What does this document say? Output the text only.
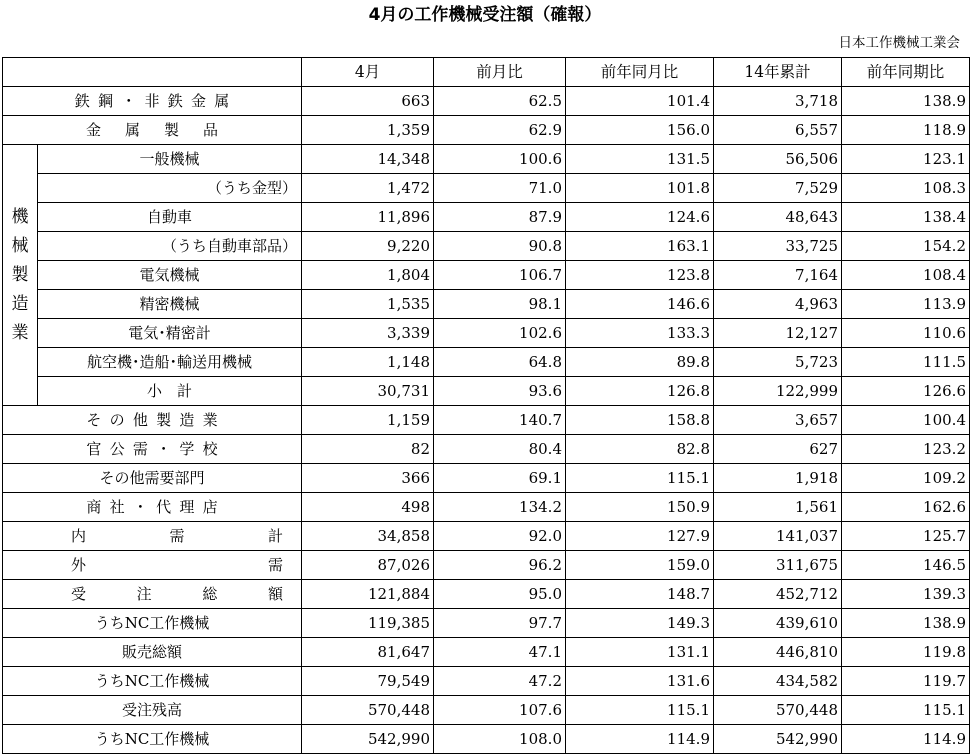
4月の工作機械受注額（確報）
日本工作機械工業会
		4月	前月比	前年同月比	14年累計	前年同期比
鉄鋼・非鉄金属		663	62.5	101.4	3,718	138.9
金属製品		1,359	62.9	156.0	6,557	118.9

機
械
製
造
業	一般機械	14,348	100.6	131.5	56,506	123.1
	（うち金型）	1,472	71.0	101.8	7,529	108.3
	自動車	11,896	87.9	124.6	48,643	138.4
	（うち自動車部品）	9,220	90.8	163.1	33,725	154.2
	電気機械	1,804	106.7	123.8	7,164	108.4
	精密機械	1,535	98.1	146.6	4,963	113.9
	電気･精密計	3,339	102.6	133.3	12,127	110.6
	航空機･造船･輸送用機械	1,148	64.8	89.8	5,723	111.5
	小計	30,731	93.6	126.8	122,999	126.6
その他製造業		1,159	140.7	158.8	3,657	100.4
官公需・学校		82	80.4	82.8	627	123.2
その他需要部門		366	69.1	115.1	1,918	109.2
商社・代理店		498	134.2	150.9	1,561	162.6

内 需 計		34,858	92.0	127.9	141,037	125.7

外 需		87,026	96.2	159.0	311,675	146.5

受 注 総 額		121,884	95.0	148.7	452,712	139.3
うちNC工作機械		119,385	97.7	149.3	439,610	138.9
販売総額		81,647	47.1	131.1	446,810	119.8
うちNC工作機械		79,549	47.2	131.6	434,582	119.7
受注残高		570,448	107.6	115.1	570,448	115.1
うちNC工作機械		542,990	108.0	114.9	542,990	114.9
